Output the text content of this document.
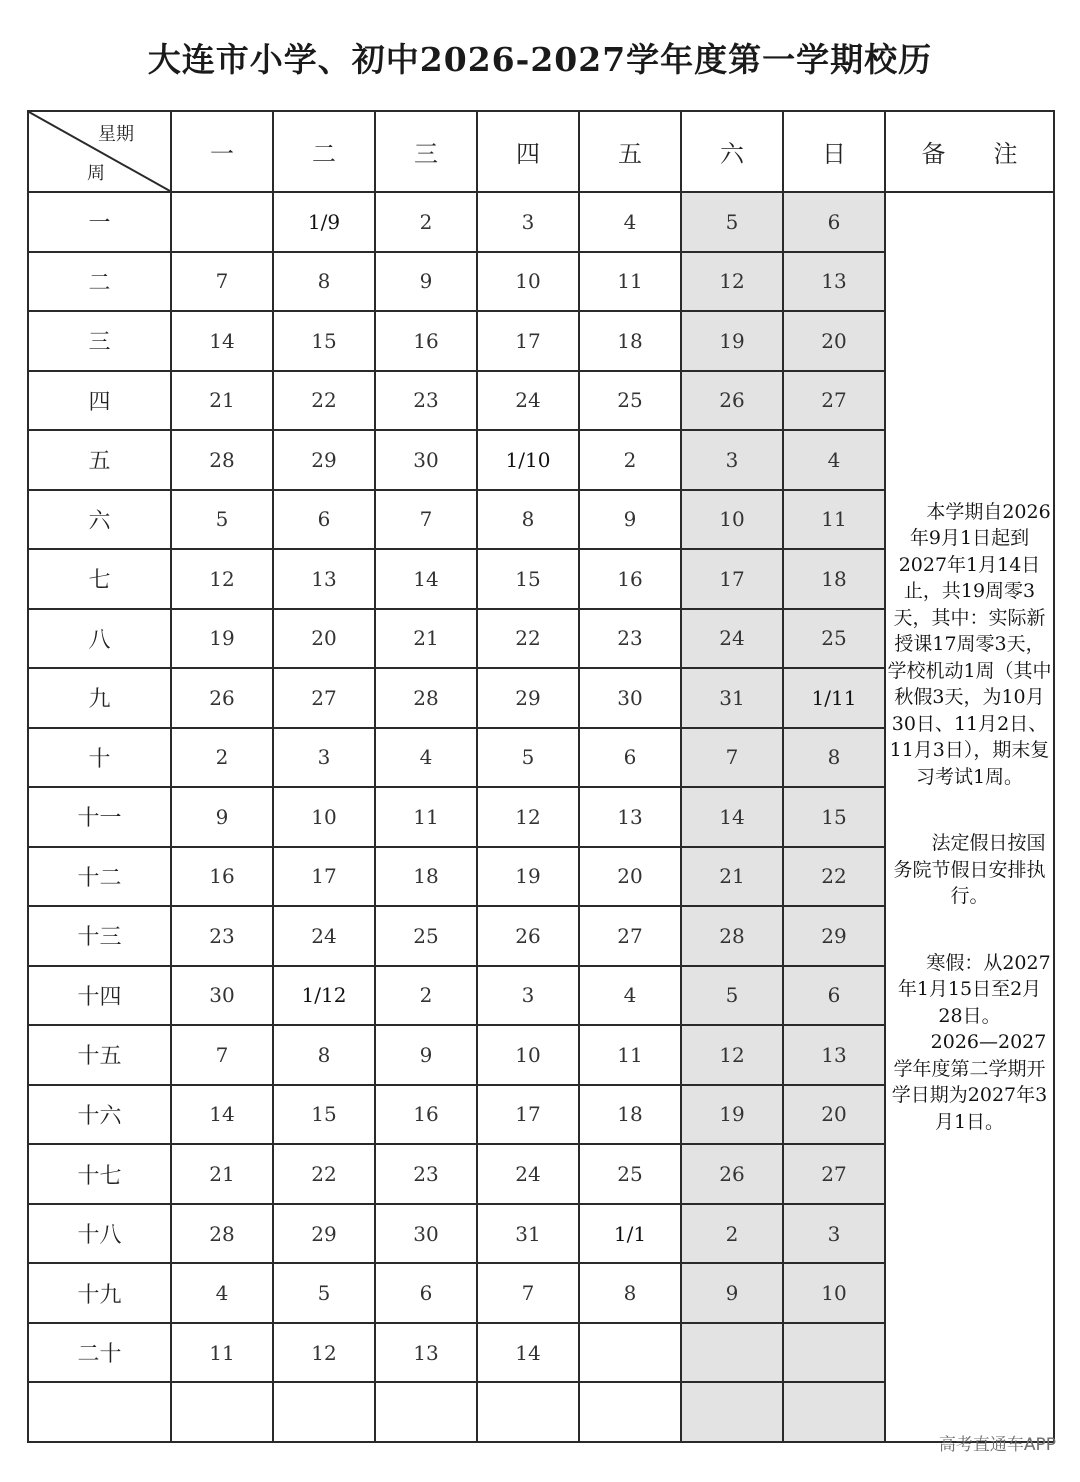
大连市小学、初中2026-2027学年度第一学期校历
星期
周	一	二	三	四	五	六	日	备　　注
一		1/9	2	3	4	5	6	　　本学期自2026年9月1日起到2027年1月14日止，共19周零3天，其中：实际新授课17周零3天，学校机动1周（其中秋假3天，为10月30日、11月2日、11月3日），期末复习考试1周。

　　法定假日按国务院节假日安排执行。

　　寒假：从2027年1月15日至2月28日。

　　2026—2027学年度第二学期开学日期为2027年3月1日。

二	7	8	9	10	11	12	13	
三	14	15	16	17	18	19	20	
四	21	22	23	24	25	26	27	
五	28	29	30	1/10	2	3	4	
六	5	6	7	8	9	10	11	
七	12	13	14	15	16	17	18	
八	19	20	21	22	23	24	25	
九	26	27	28	29	30	31	1/11	
十	2	3	4	5	6	7	8	
十一	9	10	11	12	13	14	15	
十二	16	17	18	19	20	21	22	
十三	23	24	25	26	27	28	29	
十四	30	1/12	2	3	4	5	6	
十五	7	8	9	10	11	12	13	
十六	14	15	16	17	18	19	20	
十七	21	22	23	24	25	26	27	
十八	28	29	30	31	1/1	2	3	
十九	4	5	6	7	8	9	10	
二十	11	12	13	14				

高考直通车APP
